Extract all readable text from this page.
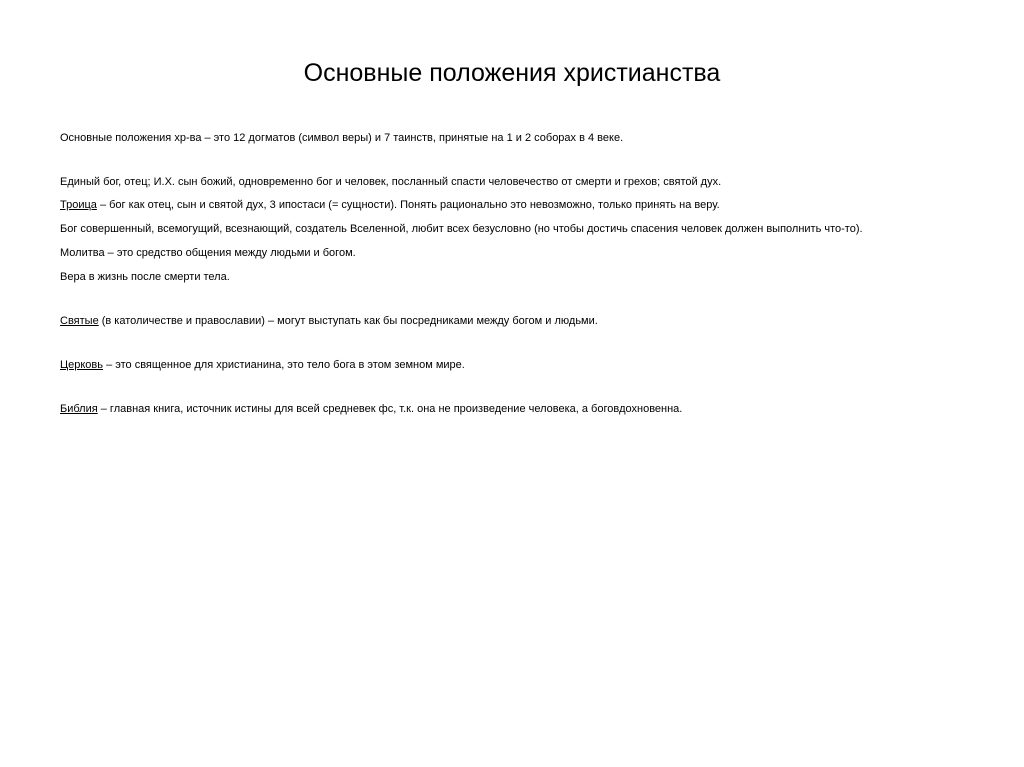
Основные положения христианства

Основные положения хр-ва – это 12 догматов (символ веры) и 7 таинств, принятые на 1 и 2 соборах в 4 веке.

Единый бог, отец; И.Х. сын божий, одновременно бог и человек, посланный спасти человечество от смерти и грехов; святой дух.

Троица – бог как отец, сын и святой дух, 3 ипостаси (= сущности). Понять рационально это невозможно, только принять на веру.

Бог совершенный, всемогущий, всезнающий, создатель Вселенной, любит всех безусловно (но чтобы достичь спасения человек должен выполнить что-то).

Молитва – это средство общения между людьми и богом.

Вера в жизнь после смерти тела.

Святые (в католичестве и православии) – могут выступать как бы посредниками между богом и людьми.

Церковь – это священное для христианина, это тело бога в этом земном мире.

Библия – главная книга, источник истины для всей средневек фс, т.к. она не произведение человека, а боговдохновенна.
